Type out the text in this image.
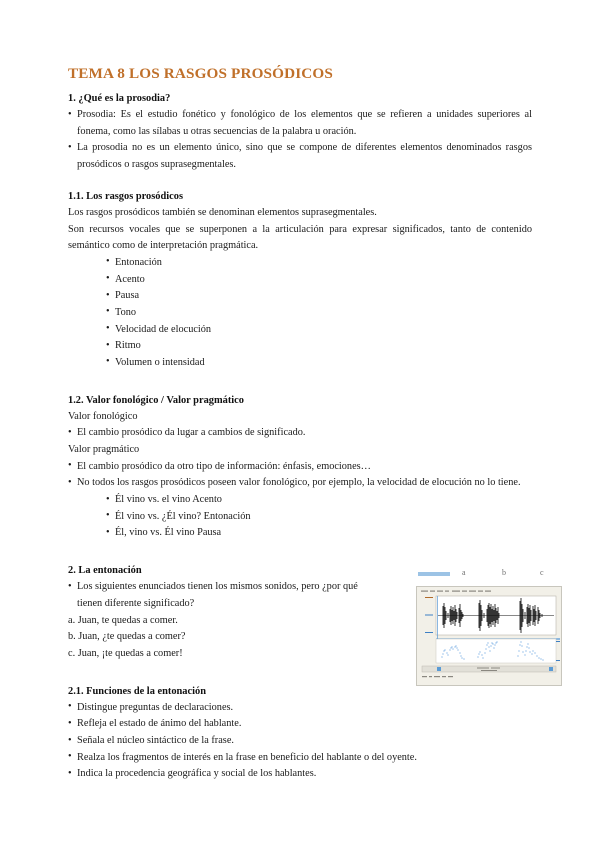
TEMA 8 LOS RASGOS PROSÓDICOS
1. ¿Qué es la prosodia?

• Prosodia: Es el estudio fonético y fonológico de los elementos que se refieren a unidades superiores al fonema, como las sílabas u otras secuencias de la palabra u oración.

• La prosodia no es un elemento único, sino que se compone de diferentes elementos denominados rasgos prosódicos o rasgos suprasegmentales.

1.1. Los rasgos prosódicos

Los rasgos prosódicos también se denominan elementos suprasegmentales.

Son recursos vocales que se superponen a la articulación para expresar significados, tanto de contenido semántico como de interpretación pragmática.

• Entonación
• Acento
• Pausa
• Tono
• Velocidad de elocución
• Ritmo
• Volumen o intensidad
1.2. Valor fonológico / Valor pragmático

Valor fonológico

• El cambio prosódico da lugar a cambios de significado.

Valor pragmático

• El cambio prosódico da otro tipo de información: énfasis, emociones…

• No todos los rasgos prosódicos poseen valor fonológico, por ejemplo, la velocidad de elocución no lo tiene.

• Él vino vs. el vino Acento
• Él vino vs. ¿Él vino? Entonación
• Él, vino vs. Él vino Pausa
2. La entonación

• Los siguientes enunciados tienen los mismos sonidos, pero ¿por qué tienen diferente significado?

a. Juan, te quedas a comer.

b. Juan, ¿te quedas a comer?

c. Juan, ¡te quedas a comer!

2.1. Funciones de la entonación

• Distingue preguntas de declaraciones.

• Refleja el estado de ánimo del hablante.

• Señala el núcleo sintáctico de la frase.

• Realza los fragmentos de interés en la frase en beneficio del hablante o del oyente.

• Indica la procedencia geográfica y social de los hablantes.

a	b	c
